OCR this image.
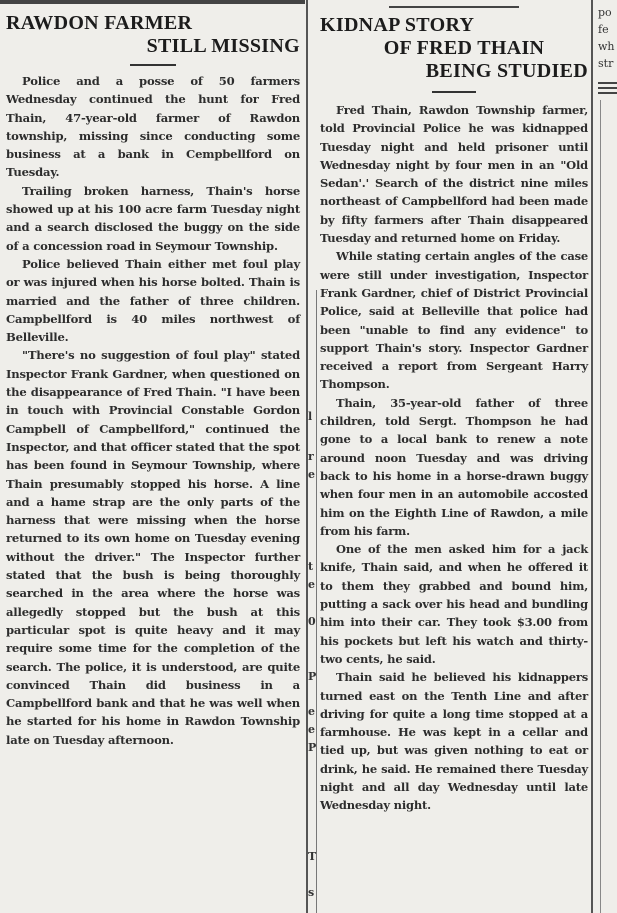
RAWDON FARMER
STILL MISSING

Police and a posse of 50 farmers Wednesday continued the hunt for Fred Thain, 47-year-old farmer of Rawdon township, missing since conducting some business at a bank in Cempbellford on Tuesday.

Trailing broken harness, Thain's horse showed up at his 100 acre farm Tuesday night and a search disclosed the buggy on the side of a concession road in Seymour Township.

Police believed Thain either met foul play or was injured when his horse bolted. Thain is married and the father of three children. Campbellford is 40 miles northwest of Belleville.

"There's no suggestion of foul play" stated Inspector Frank Gardner, when questioned on the disappearance of Fred Thain. "I have been in touch with Provincial Constable Gordon Campbell of Campbellford," continued the Inspector, and that officer stated that the spot has been found in Seymour Township, where Thain presumably stopped his horse. A line and a hame strap are the only parts of the harness that were missing when the horse returned to its own home on Tuesday evening without the driver." The Inspector further stated that the bush is being thoroughly searched in the area where the horse was allegedly stopped but the bush at this particular spot is quite heavy and it may require some time for the completion of the search. The police, it is understood, are quite convinced Thain did business in a Campbellford bank and that he was well when he started for his home in Rawdon Township late on Tuesday afternoon.

l
r
e
t
e
0
P
e
e
P
T
s
KIDNAP STORY
OF FRED THAIN
BEING STUDIED

Fred Thain, Rawdon Township farmer, told Provincial Police he was kidnapped Tuesday night and held prisoner until Wednesday night by four men in an "Old Sedan'.' Search of the district nine miles northeast of Campbellford had been made by fifty farmers after Thain disappeared Tuesday and returned home on Friday.

While stating certain angles of the case were still under investigation, Inspector Frank Gardner, chief of District Provincial Police, said at Belleville that police had been "unable to find any evidence" to support Thain's story. Inspector Gardner received a report from Sergeant Harry Thompson.

Thain, 35-year-old father of three children, told Sergt. Thompson he had gone to a local bank to renew a note around noon Tuesday and was driving back to his home in a horse-drawn buggy when four men in an automobile accosted him on the Eighth Line of Rawdon, a mile from his farm.

One of the men asked him for a jack knife, Thain said, and when he offered it to them they grabbed and bound him, putting a sack over his head and bundling him into their car. They took $3.00 from his pockets but left his watch and thirty-two cents, he said.

Thain said he believed his kidnappers turned east on the Tenth Line and after driving for quite a long time stopped at a farmhouse. He was kept in a cellar and tied up, but was given nothing to eat or drink, he said. He remained there Tuesday night and all day Wednesday until late Wednesday night.

po
fe
wh
str
